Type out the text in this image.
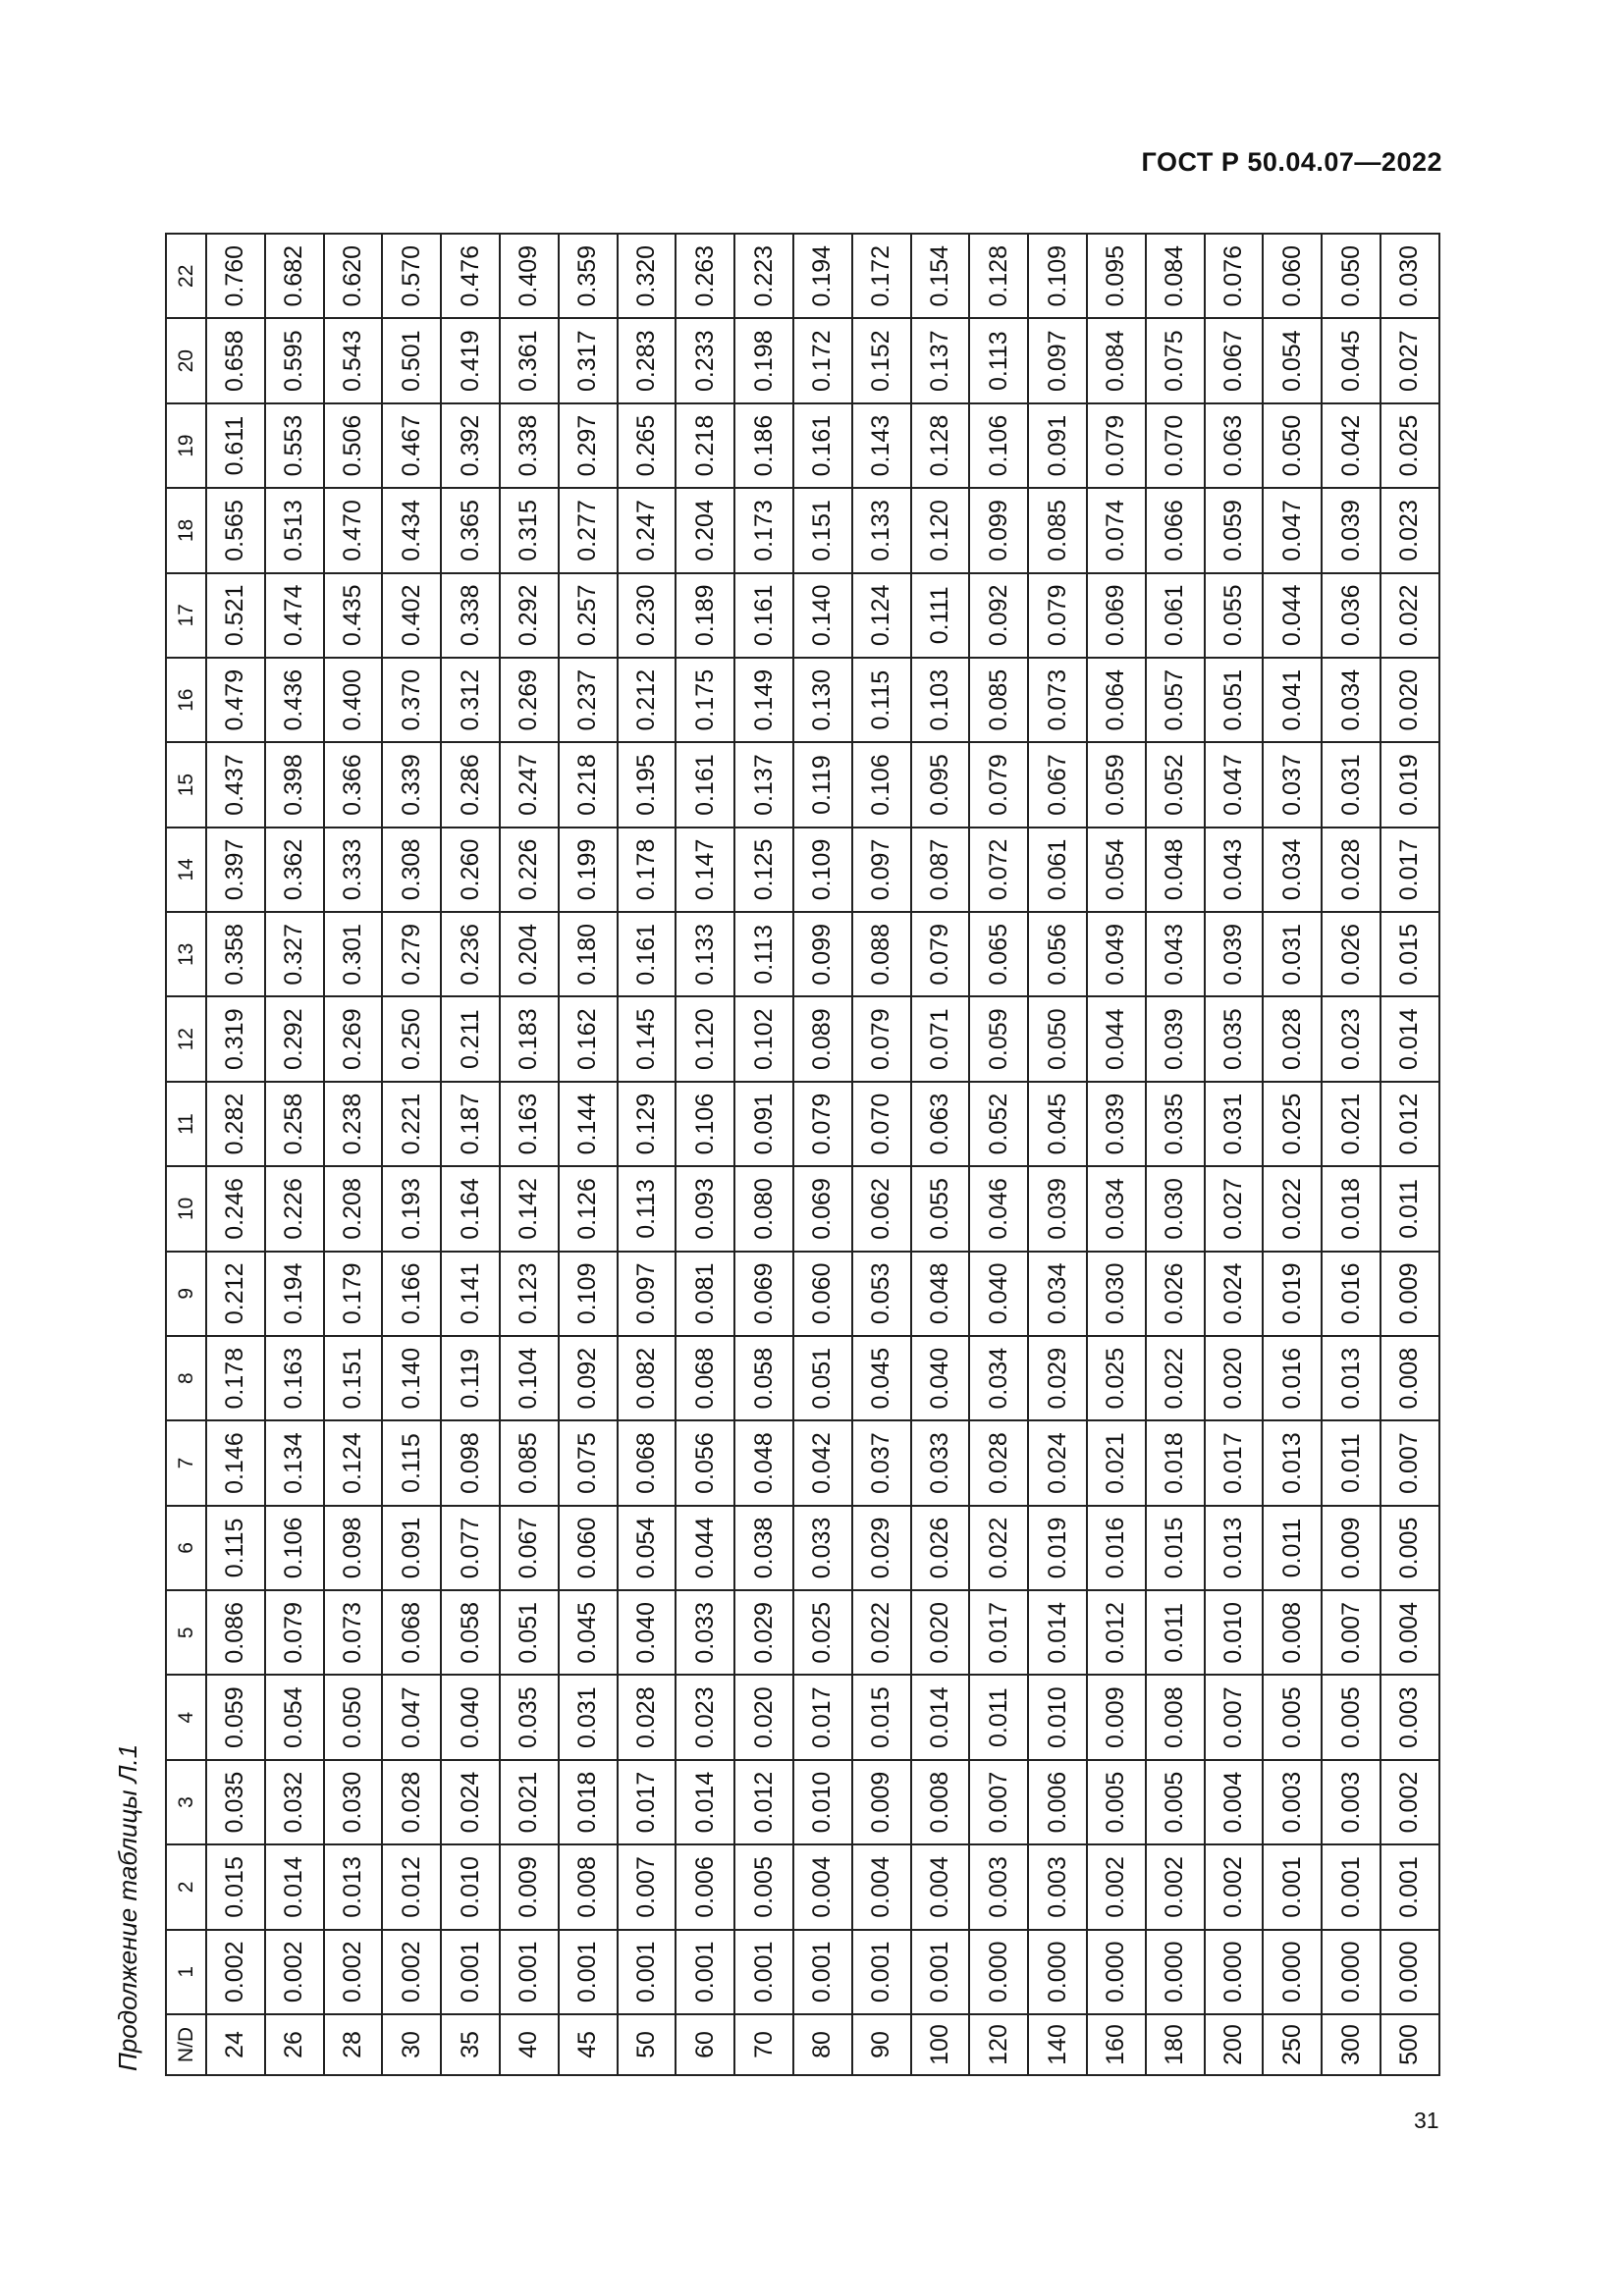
ГОСТ Р 50.04.07—2022
Продолжение таблицы Л.1 N/D	1	2	3	4	5	6	7	8	9	10	11	12	13	14	15	16	17	18	19	20	22
24	0.002	0.015	0.035	0.059	0.086	0.115	0.146	0.178	0.212	0.246	0.282	0.319	0.358	0.397	0.437	0.479	0.521	0.565	0.611	0.658	0.760
26	0.002	0.014	0.032	0.054	0.079	0.106	0.134	0.163	0.194	0.226	0.258	0.292	0.327	0.362	0.398	0.436	0.474	0.513	0.553	0.595	0.682
28	0.002	0.013	0.030	0.050	0.073	0.098	0.124	0.151	0.179	0.208	0.238	0.269	0.301	0.333	0.366	0.400	0.435	0.470	0.506	0.543	0.620
30	0.002	0.012	0.028	0.047	0.068	0.091	0.115	0.140	0.166	0.193	0.221	0.250	0.279	0.308	0.339	0.370	0.402	0.434	0.467	0.501	0.570
35	0.001	0.010	0.024	0.040	0.058	0.077	0.098	0.119	0.141	0.164	0.187	0.211	0.236	0.260	0.286	0.312	0.338	0.365	0.392	0.419	0.476
40	0.001	0.009	0.021	0.035	0.051	0.067	0.085	0.104	0.123	0.142	0.163	0.183	0.204	0.226	0.247	0.269	0.292	0.315	0.338	0.361	0.409
45	0.001	0.008	0.018	0.031	0.045	0.060	0.075	0.092	0.109	0.126	0.144	0.162	0.180	0.199	0.218	0.237	0.257	0.277	0.297	0.317	0.359
50	0.001	0.007	0.017	0.028	0.040	0.054	0.068	0.082	0.097	0.113	0.129	0.145	0.161	0.178	0.195	0.212	0.230	0.247	0.265	0.283	0.320
60	0.001	0.006	0.014	0.023	0.033	0.044	0.056	0.068	0.081	0.093	0.106	0.120	0.133	0.147	0.161	0.175	0.189	0.204	0.218	0.233	0.263
70	0.001	0.005	0.012	0.020	0.029	0.038	0.048	0.058	0.069	0.080	0.091	0.102	0.113	0.125	0.137	0.149	0.161	0.173	0.186	0.198	0.223
80	0.001	0.004	0.010	0.017	0.025	0.033	0.042	0.051	0.060	0.069	0.079	0.089	0.099	0.109	0.119	0.130	0.140	0.151	0.161	0.172	0.194
90	0.001	0.004	0.009	0.015	0.022	0.029	0.037	0.045	0.053	0.062	0.070	0.079	0.088	0.097	0.106	0.115	0.124	0.133	0.143	0.152	0.172
100	0.001	0.004	0.008	0.014	0.020	0.026	0.033	0.040	0.048	0.055	0.063	0.071	0.079	0.087	0.095	0.103	0.111	0.120	0.128	0.137	0.154
120	0.000	0.003	0.007	0.011	0.017	0.022	0.028	0.034	0.040	0.046	0.052	0.059	0.065	0.072	0.079	0.085	0.092	0.099	0.106	0.113	0.128
140	0.000	0.003	0.006	0.010	0.014	0.019	0.024	0.029	0.034	0.039	0.045	0.050	0.056	0.061	0.067	0.073	0.079	0.085	0.091	0.097	0.109
160	0.000	0.002	0.005	0.009	0.012	0.016	0.021	0.025	0.030	0.034	0.039	0.044	0.049	0.054	0.059	0.064	0.069	0.074	0.079	0.084	0.095
180	0.000	0.002	0.005	0.008	0.011	0.015	0.018	0.022	0.026	0.030	0.035	0.039	0.043	0.048	0.052	0.057	0.061	0.066	0.070	0.075	0.084
200	0.000	0.002	0.004	0.007	0.010	0.013	0.017	0.020	0.024	0.027	0.031	0.035	0.039	0.043	0.047	0.051	0.055	0.059	0.063	0.067	0.076
250	0.000	0.001	0.003	0.005	0.008	0.011	0.013	0.016	0.019	0.022	0.025	0.028	0.031	0.034	0.037	0.041	0.044	0.047	0.050	0.054	0.060
300	0.000	0.001	0.003	0.005	0.007	0.009	0.011	0.013	0.016	0.018	0.021	0.023	0.026	0.028	0.031	0.034	0.036	0.039	0.042	0.045	0.050
500	0.000	0.001	0.002	0.003	0.004	0.005	0.007	0.008	0.009	0.011	0.012	0.014	0.015	0.017	0.019	0.020	0.022	0.023	0.025	0.027	0.030
31
